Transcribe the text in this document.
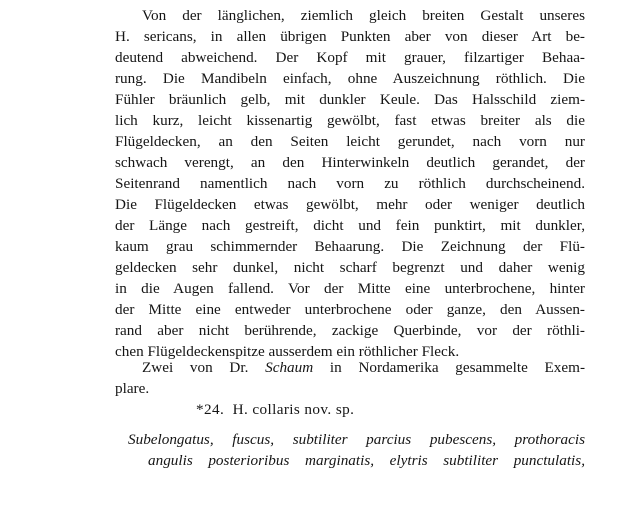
Von der länglichen, ziemlich gleich breiten Gestalt unseres
H. sericans, in allen übrigen Punkten aber von dieser Art be-
deutend abweichend. Der Kopf mit grauer, filzartiger Behaa-
rung. Die Mandibeln einfach, ohne Auszeichnung röthlich. Die
Fühler bräunlich gelb, mit dunkler Keule. Das Halsschild ziem-
lich kurz, leicht kissenartig gewölbt, fast etwas breiter als die
Flügeldecken, an den Seiten leicht gerundet, nach vorn nur
schwach verengt, an den Hinterwinkeln deutlich gerandet, der
Seitenrand namentlich nach vorn zu röthlich durchscheinend.
Die Flügeldecken etwas gewölbt, mehr oder weniger deutlich
der Länge nach gestreift, dicht und fein punktirt, mit dunkler,
kaum grau schimmernder Behaarung. Die Zeichnung der Flü-
geldecken sehr dunkel, nicht scharf begrenzt und daher wenig
in die Augen fallend. Vor der Mitte eine unterbrochene, hinter
der Mitte eine entweder unterbrochene oder ganze, den Aussen-
rand aber nicht berührende, zackige Querbinde, vor der röthli-
chen Flügeldeckenspitze ausserdem ein röthlicher Fleck.
Zwei von Dr. Schaum in Nordamerika gesammelte Exem-
plare.
*24.  H. collaris nov. sp.
Subelongatus, fuscus, subtiliter parcius pubescens, prothoracis
angulis posterioribus marginatis, elytris subtiliter punctulatis,
